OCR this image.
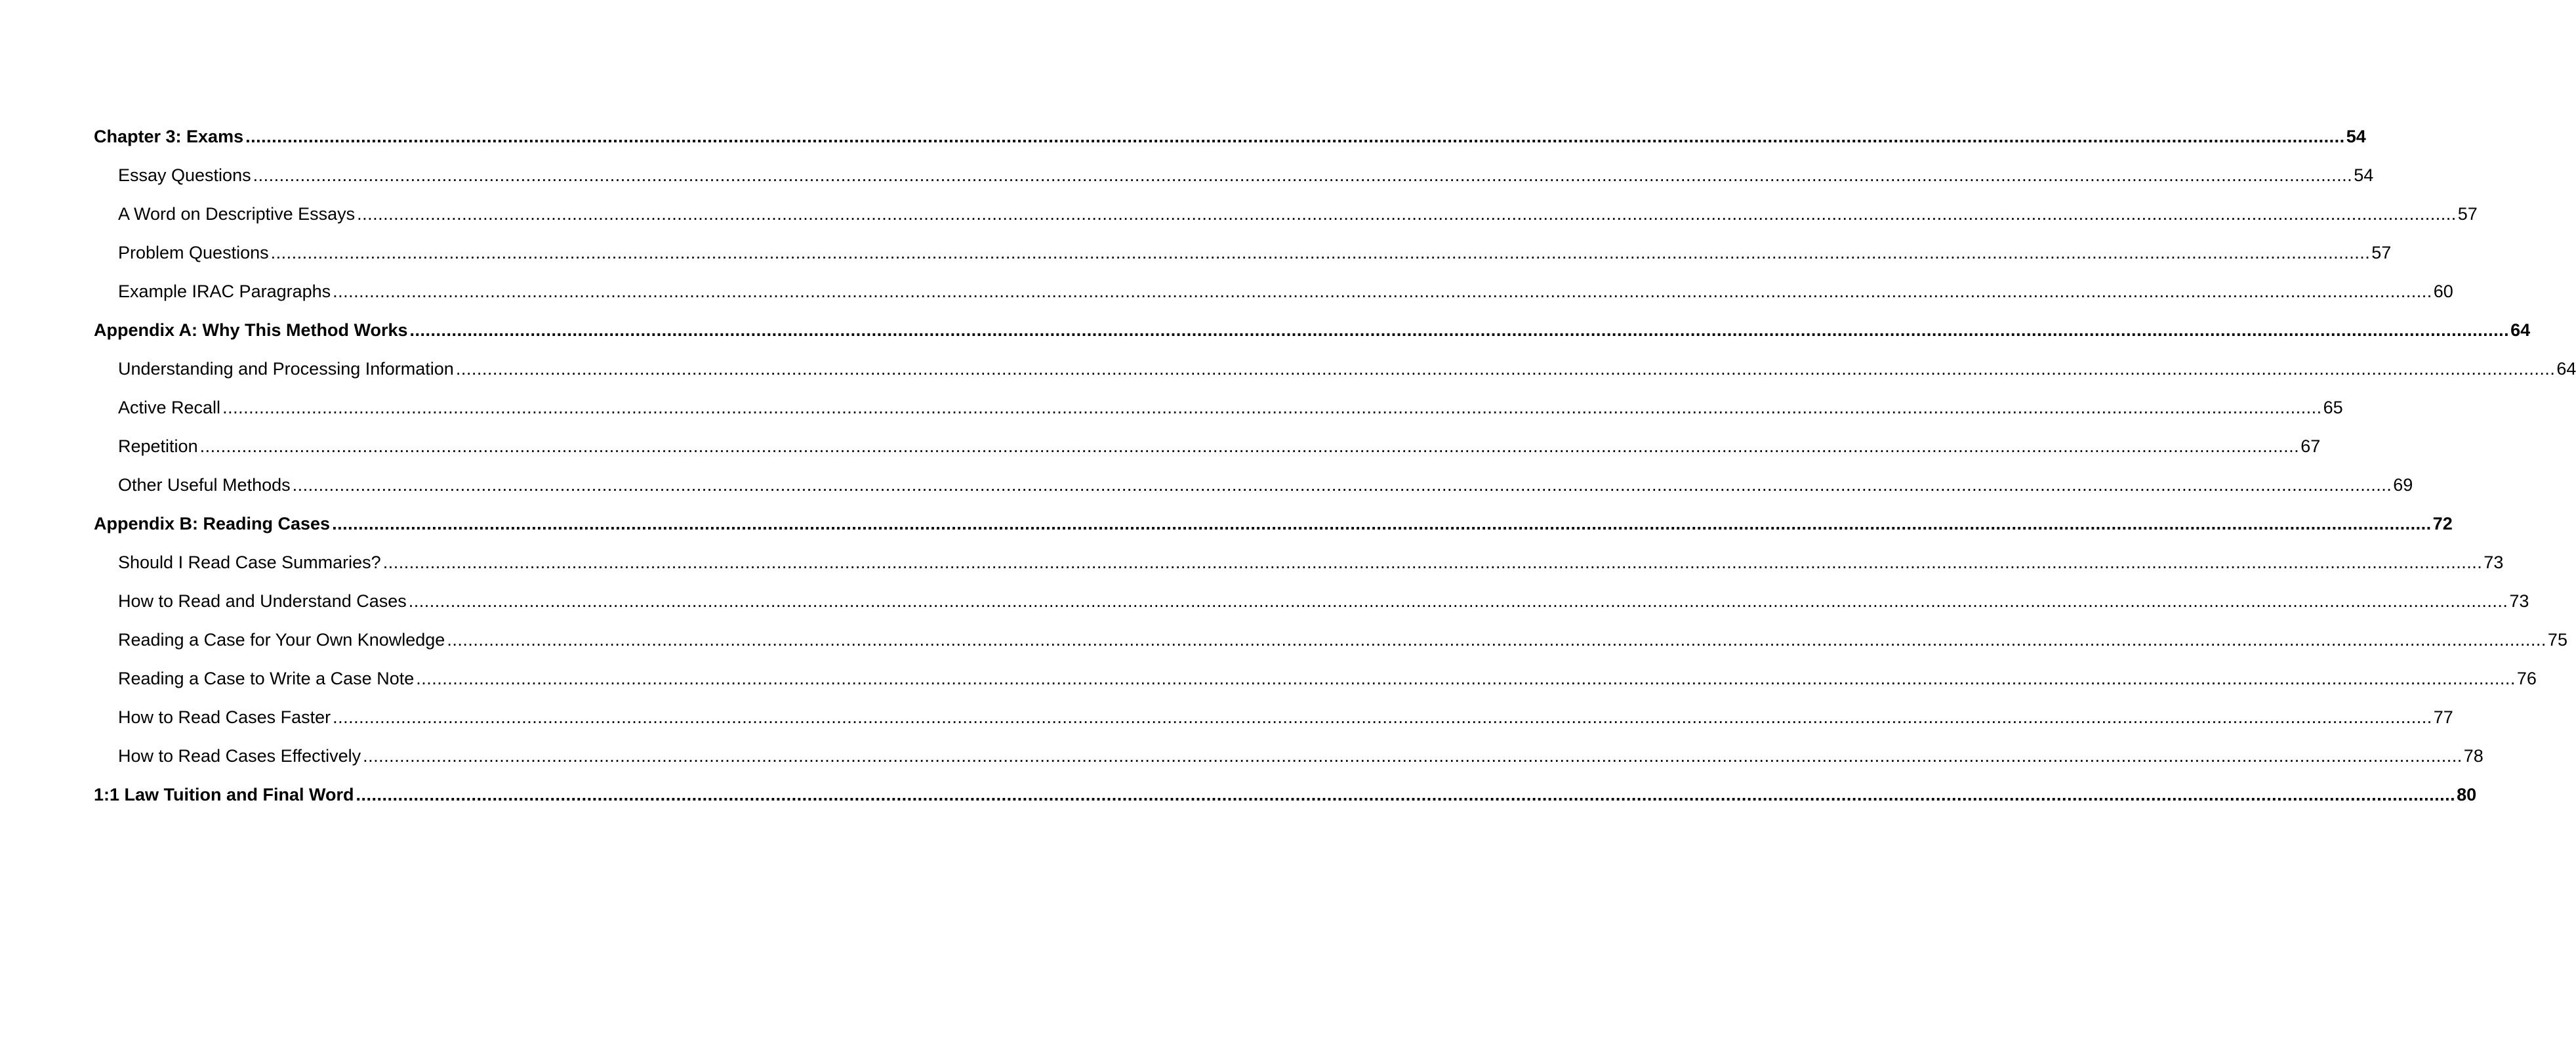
Chapter 3: Exams ................................................................................................................................................................................................................................................................................................................................................................................................................ 54
Essay Questions ................................................................................................................................................................................................................................................................................................................................................................................................................ 54
A Word on Descriptive Essays ................................................................................................................................................................................................................................................................................................................................................................................................................ 57
Problem Questions ................................................................................................................................................................................................................................................................................................................................................................................................................ 57
Example IRAC Paragraphs ................................................................................................................................................................................................................................................................................................................................................................................................................ 60
Appendix A: Why This Method Works ................................................................................................................................................................................................................................................................................................................................................................................................................ 64
Understanding and Processing Information ................................................................................................................................................................................................................................................................................................................................................................................................................ 64
Active Recall ................................................................................................................................................................................................................................................................................................................................................................................................................ 65
Repetition ................................................................................................................................................................................................................................................................................................................................................................................................................ 67
Other Useful Methods ................................................................................................................................................................................................................................................................................................................................................................................................................ 69
Appendix B: Reading Cases ................................................................................................................................................................................................................................................................................................................................................................................................................ 72
Should I Read Case Summaries? ................................................................................................................................................................................................................................................................................................................................................................................................................ 73
How to Read and Understand Cases ................................................................................................................................................................................................................................................................................................................................................................................................................ 73
Reading a Case for Your Own Knowledge ................................................................................................................................................................................................................................................................................................................................................................................................................ 75
Reading a Case to Write a Case Note ................................................................................................................................................................................................................................................................................................................................................................................................................ 76
How to Read Cases Faster ................................................................................................................................................................................................................................................................................................................................................................................................................ 77
How to Read Cases Effectively ................................................................................................................................................................................................................................................................................................................................................................................................................ 78
1:1 Law Tuition and Final Word ................................................................................................................................................................................................................................................................................................................................................................................................................ 80
